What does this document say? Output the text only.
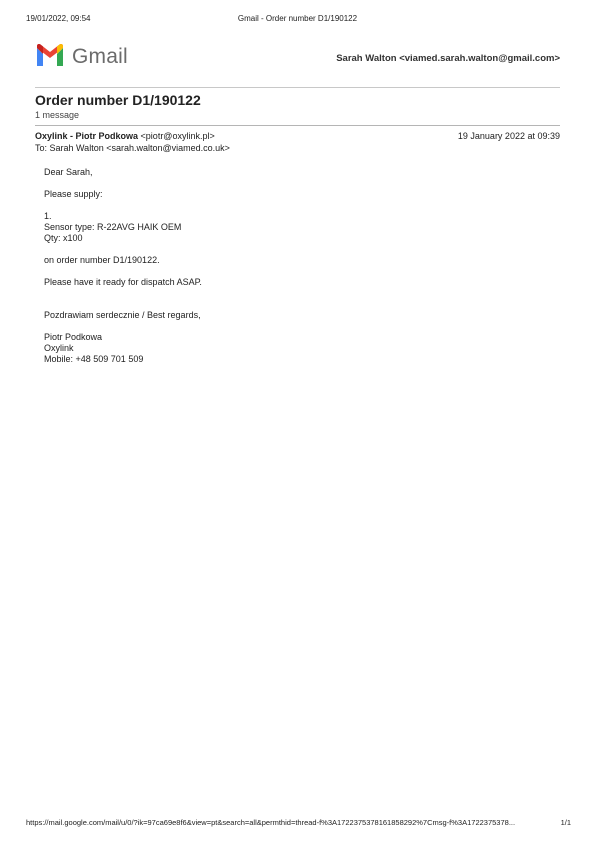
19/01/2022, 09:54	Gmail - Order number D1/190122
Gmail	Sarah Walton <viamed.sarah.walton@gmail.com>
Order number D1/190122
1 message
Oxylink - Piotr Podkowa <piotr@oxylink.pl>	19 January 2022 at 09:39
To: Sarah Walton <sarah.walton@viamed.co.uk>
Dear Sarah,
Please supply:
1.
Sensor type: R-22AVG HAIK OEM
Qty: x100
on order number D1/190122.
Please have it ready for dispatch ASAP.
Pozdrawiam serdecznie / Best regards,
Piotr Podkowa
Oxylink
Mobile: +48 509 701 509
https://mail.google.com/mail/u/0/?ik=97ca69e8f6&view=pt&search=all&permthid=thread-f%3A1722375378161858292%7Cmsg-f%3A1722375378...	1/1
